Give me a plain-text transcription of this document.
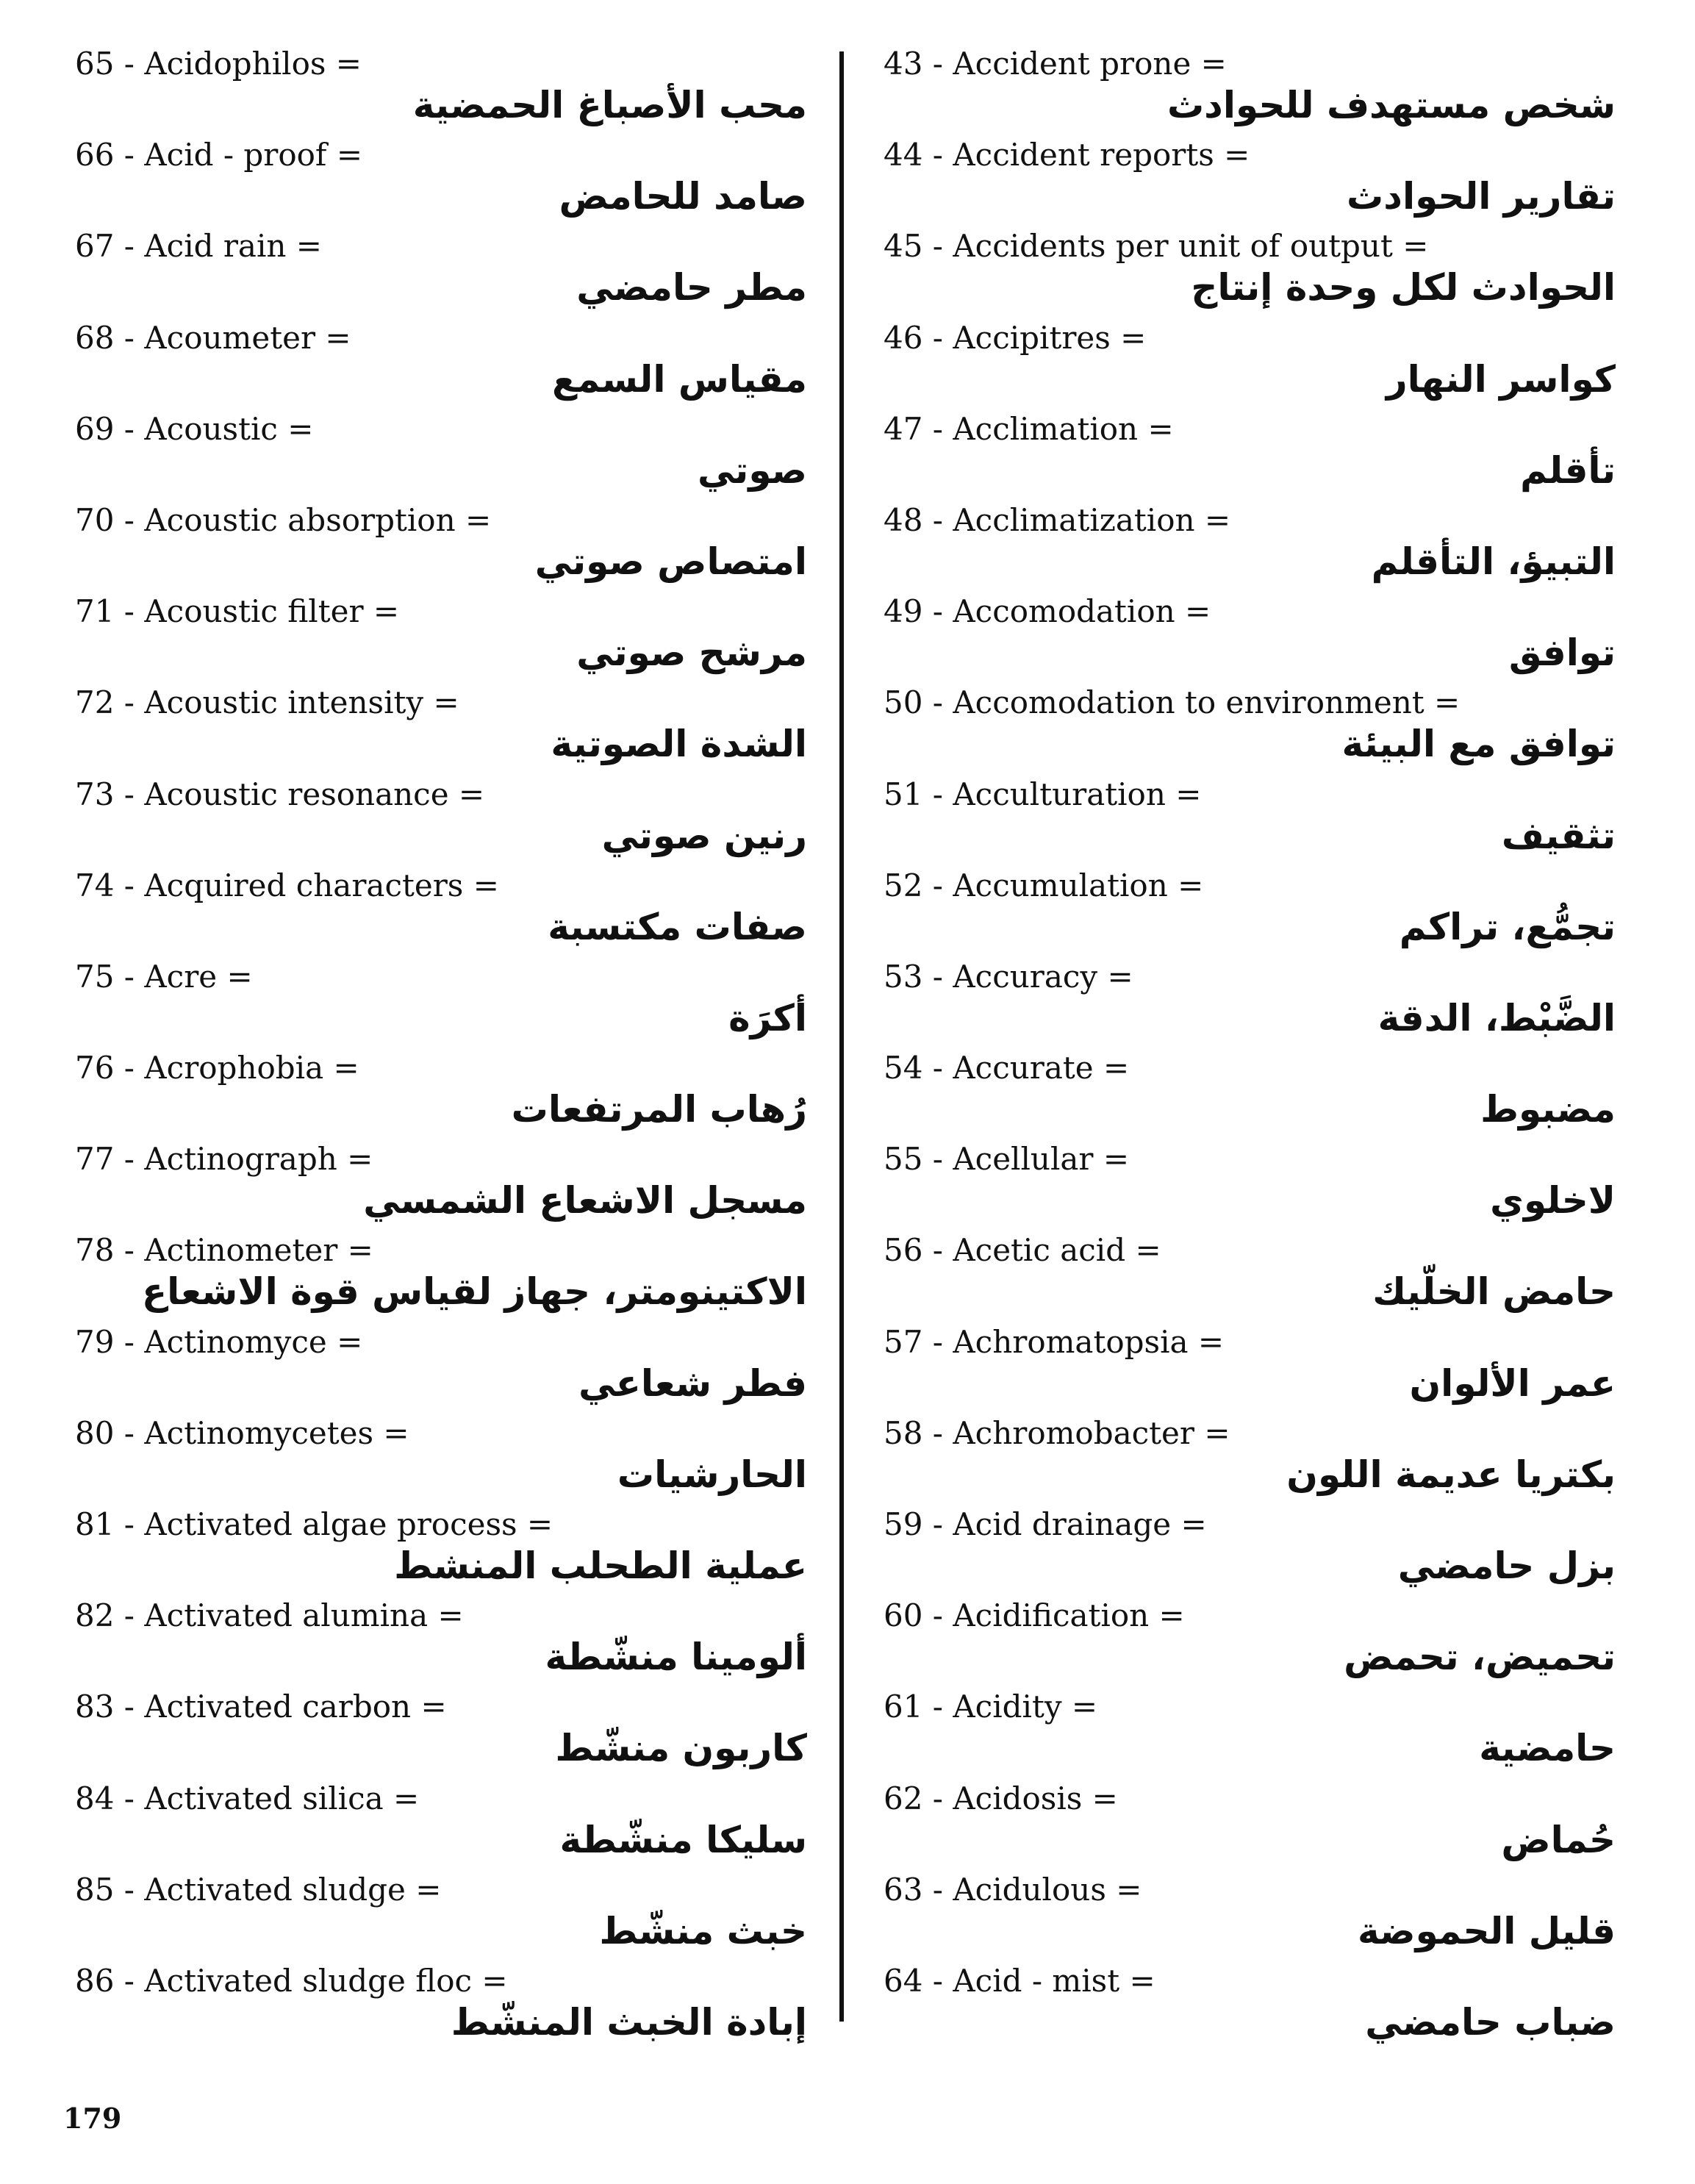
65 - Acidophilos =
محب الأصباغ الحمضية
66 - Acid - proof =
صامد للحامض
67 - Acid rain =
مطر حامضي
68 - Acoumeter =
مقياس السمع
69 - Acoustic =
صوتي
70 - Acoustic absorption =
امتصاص صوتي
71 - Acoustic filter =
مرشح صوتي
72 - Acoustic intensity =
الشدة الصوتية
73 - Acoustic resonance =
رنين صوتي
74 - Acquired characters =
صفات مكتسبة
75 - Acre =
أكرَة
76 - Acrophobia =
رُهاب المرتفعات
77 - Actinograph =
مسجل الاشعاع الشمسي
78 - Actinometer =
الاكتينومتر، جهاز لقياس قوة الاشعاع
79 - Actinomyce =
فطر شعاعي
80 - Actinomycetes =
الحارشيات
81 - Activated algae process =
عملية الطحلب المنشط
82 - Activated alumina =
ألومينا منشّطة
83 - Activated carbon =
كاربون منشّط
84 - Activated silica =
سليكا منشّطة
85 - Activated sludge =
خبث منشّط
86 - Activated sludge floc =
إبادة الخبث المنشّط
43 - Accident prone =
شخص مستهدف للحوادث
44 - Accident reports =
تقارير الحوادث
45 - Accidents per unit of output =
الحوادث لكل وحدة إنتاج
46 - Accipitres =
كواسر النهار
47 - Acclimation =
تأقلم
48 - Acclimatization =
التبيؤ، التأقلم
49 - Accomodation =
توافق
50 - Accomodation to environment =
توافق مع البيئة
51 - Acculturation =
تثقيف
52 - Accumulation =
تجمُّع، تراكم
53 - Accuracy =
الضَّبْط، الدقة
54 - Accurate =
مضبوط
55 - Acellular =
لاخلوي
56 - Acetic acid =
حامض الخلّيك
57 - Achromatopsia =
عمر الألوان
58 - Achromobacter =
بكتريا عديمة اللون
59 - Acid drainage =
بزل حامضي
60 - Acidification =
تحميض، تحمض
61 - Acidity =
حامضية
62 - Acidosis =
حُماض
63 - Acidulous =
قليل الحموضة
64 - Acid - mist =
ضباب حامضي
179
